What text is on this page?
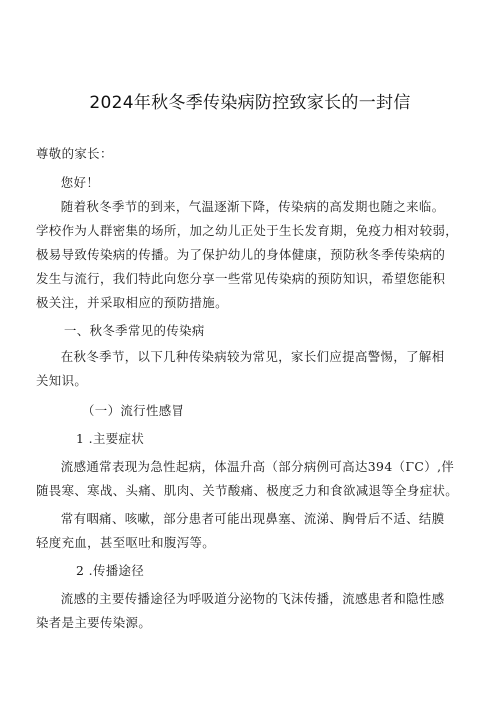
2024年秋冬季传染病防控致家长的一封信

尊敬的家长：

您好！

随着秋冬季节的到来，气温逐渐下降，传染病的高发期也随之来临。
学校作为人群密集的场所，加之幼儿正处于生长发育期，免疫力相对较弱，
极易导致传染病的传播。为了保护幼儿的身体健康，预防秋冬季传染病的
发生与流行，我们特此向您分享一些常见传染病的预防知识，希望您能积
极关注，并采取相应的预防措施。

一、秋冬季常见的传染病

在秋冬季节，以下几种传染病较为常见，家长们应提高警惕，了解相
关知识。

（一）流行性感冒

1 .主要症状

流感通常表现为急性起病，体温升高（部分病例可高达394（ΓC）,伴
随畏寒、寒战、头痛、肌肉、关节酸痛、极度乏力和食欲减退等全身症状。

常有咽痛、咳嗽，部分患者可能出现鼻塞、流涕、胸骨后不适、结膜
轻度充血，甚至呕吐和腹泻等。

2 .传播途径

流感的主要传播途径为呼吸道分泌物的飞沫传播，流感患者和隐性感
染者是主要传染源。
